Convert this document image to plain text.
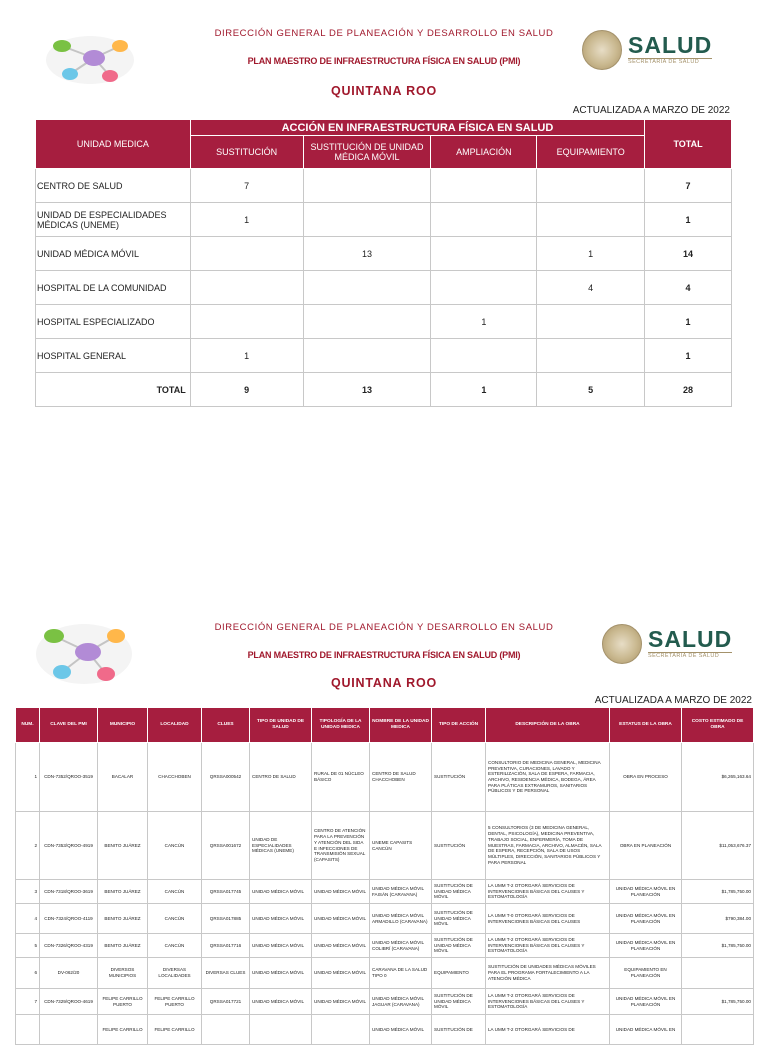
DIRECCIÓN GENERAL DE PLANEACIÓN Y DESARROLLO EN SALUD
PLAN MAESTRO DE INFRAESTRUCTURA FÍSICA EN SALUD (PMI)
QUINTANA ROO
SALUD
SECRETARÍA DE SALUD
ACTUALIZADA A MARZO DE 2022
UNIDAD MEDICA	ACCIÓN EN INFRAESTRUCTURA FÍSICA EN SALUD				TOTAL
	SUSTITUCIÓN	SUSTITUCIÓN DE UNIDAD MÉDICA MÓVIL	AMPLIACIÓN	EQUIPAMIENTO	
CENTRO DE SALUD	7				7
UNIDAD DE ESPECIALIDADES MÉDICAS (UNEME)	1				1
UNIDAD MÉDICA MÓVIL		13		1	14
HOSPITAL DE LA COMUNIDAD				4	4
HOSPITAL ESPECIALIZADO			1		1
HOSPITAL GENERAL	1				1
TOTAL	9	13	1	5	28
DIRECCIÓN GENERAL DE PLANEACIÓN Y DESARROLLO EN SALUD
PLAN MAESTRO DE INFRAESTRUCTURA FÍSICA EN SALUD (PMI)
QUINTANA ROO
SALUD
SECRETARÍA DE SALUD
ACTUALIZADA A MARZO DE 2022
NUM.	CLAVE DEL PMI	MUNICIPIO	LOCALIDAD	CLUES	TIPO DE UNIDAD DE SALUD	TIPOLOGÍA DE LA UNIDAD MEDICA	NOMBRE DE LA UNIDAD MEDICA	TIPO DE ACCIÓN	DESCRIPCIÓN DE LA OBRA	ESTATUS DE LA OBRA	COSTO ESTIMADO DE OBRA
1	CDN-7352/QROO-3519	BACALAR	CHACCHOBEN	QRSSA000542	CENTRO DE SALUD	RURAL DE 01 NÚCLEO BÁSICO	CENTRO DE SALUD CHACCHOBEN	SUSTITUCIÓN	CONSULTORIO DE MEDICINA GENERAL, MEDICINA PREVENTIVA, CURACIONES, LAVADO Y ESTERILIZACIÓN, SALA DE ESPERA, FARMACIA, ARCHIVO, RESIDENCIA MÉDICA, BODEGA, ÁREA PARA PLÁTICAS EXTRAMUROS, SANITARIOS PÚBLICOS Y DE PERSONAL	OBRA EN PROCESO	$6,265,163.64
2	CDN-7353/QROO-4919	BENITO JUÁREZ	CANCÚN	QRSSA001672	UNIDAD DE ESPECIALIDADES MÉDICAS (UNEME)	CENTRO DE ATENCIÓN PARA LA PREVENCIÓN Y ATENCIÓN DEL SIDA E INFECCIONES DE TRANSMISIÓN SEXUAL (CAPASITS)	UNEME CAPASITS CANCÚN	SUSTITUCIÓN	5 CONSULTORIOS (3 DE MEDICINA GENERAL, DENTAL, PSICOLOGÍA), MEDICINA PREVENTIVA, TRABAJO SOCIAL, ENFERMERÍA, TOMA DE MUESTRAS, FARMACIA, ARCHIVO, ALMACÉN, SALA DE ESPERA, RECEPCIÓN, SALA DE USOS MÚLTIPLES, DIRECCIÓN, SANITARIOS PÚBLICOS Y PARA PERSONAL	OBRA EN PLANEACIÓN	$11,053,676.37
3	CDN-7318/QROO-3619	BENITO JUÁREZ	CANCÚN	QRSSA017745	UNIDAD MÉDICA MÓVIL	UNIDAD MÉDICA MÓVIL	UNIDAD MÉDICA MÓVIL FAISÁN (CARAVANA)	SUSTITUCIÓN DE UNIDAD MÉDICA MÓVIL	LA UMM T-2 OTORGARÁ SERVICIOS DE INTERVENCIONES BÁSICAS DEL CAUSES Y ESTOMATOLOGÍA	UNIDAD MÉDICA MÓVIL EN PLANEACIÓN	$1,785,750.00
4	CDN-7324/QROO-4119	BENITO JUÁREZ	CANCÚN	QRSSA017885	UNIDAD MÉDICA MÓVIL	UNIDAD MÉDICA MÓVIL	UNIDAD MÉDICA MÓVIL ARMADILLO (CARAVANA)	SUSTITUCIÓN DE UNIDAD MÉDICA MÓVIL	LA UMM T-0 OTORGARÁ SERVICIOS DE INTERVENCIONES BÁSICAS DEL CAUSES	UNIDAD MÉDICA MÓVIL EN PLANEACIÓN	$790,384.00
5	CDN-7326/QROO-4319	BENITO JUÁREZ	CANCÚN	QRSSA017716	UNIDAD MÉDICA MÓVIL	UNIDAD MÉDICA MÓVIL	UNIDAD MÉDICA MÓVIL COLIBRÍ (CARAVANA)	SUSTITUCIÓN DE UNIDAD MÉDICA MÓVIL	LA UMM T-2 OTORGARÁ SERVICIOS DE INTERVENCIONES BÁSICAS DEL CAUSES Y ESTOMATOLOGÍA	UNIDAD MÉDICA MÓVIL EN PLANEACIÓN	$1,785,750.00
6	DV-062/20	DIVERSOS MUNICIPIOS	DIVERSAS LOCALIDADES	DIVERSAS CLUES	UNIDAD MÉDICA MÓVIL	UNIDAD MÉDICA MÓVIL	CARAVANA DE LA SALUD TIPO 0	EQUIPAMIENTO	SUSTITUCIÓN DE UNIDADES MÉDICAS MÓVILES PARA EL PROGRAMA FORTALECIMIENTO A LA ATENCIÓN MÉDICA	EQUIPAMIENTO EN PLANEACIÓN	
7	CDN-7329/QROO-4619	FELIPE CARRILLO PUERTO	FELIPE CARRILLO PUERTO	QRSSA017721	UNIDAD MÉDICA MÓVIL	UNIDAD MÉDICA MÓVIL	UNIDAD MÉDICA MÓVIL JAGUAR (CARAVANA)	SUSTITUCIÓN DE UNIDAD MÉDICA MÓVIL	LA UMM T-2 OTORGARÁ SERVICIOS DE INTERVENCIONES BÁSICAS DEL CAUSES Y ESTOMATOLOGÍA	UNIDAD MÉDICA MÓVIL EN PLANEACIÓN	$1,785,750.00
		FELIPE CARRILLO	FELIPE CARRILLO				UNIDAD MÉDICA MÓVIL	SUSTITUCIÓN DE	LA UMM T-2 OTORGARÁ SERVICIOS DE	UNIDAD MÉDICA MÓVIL EN	
